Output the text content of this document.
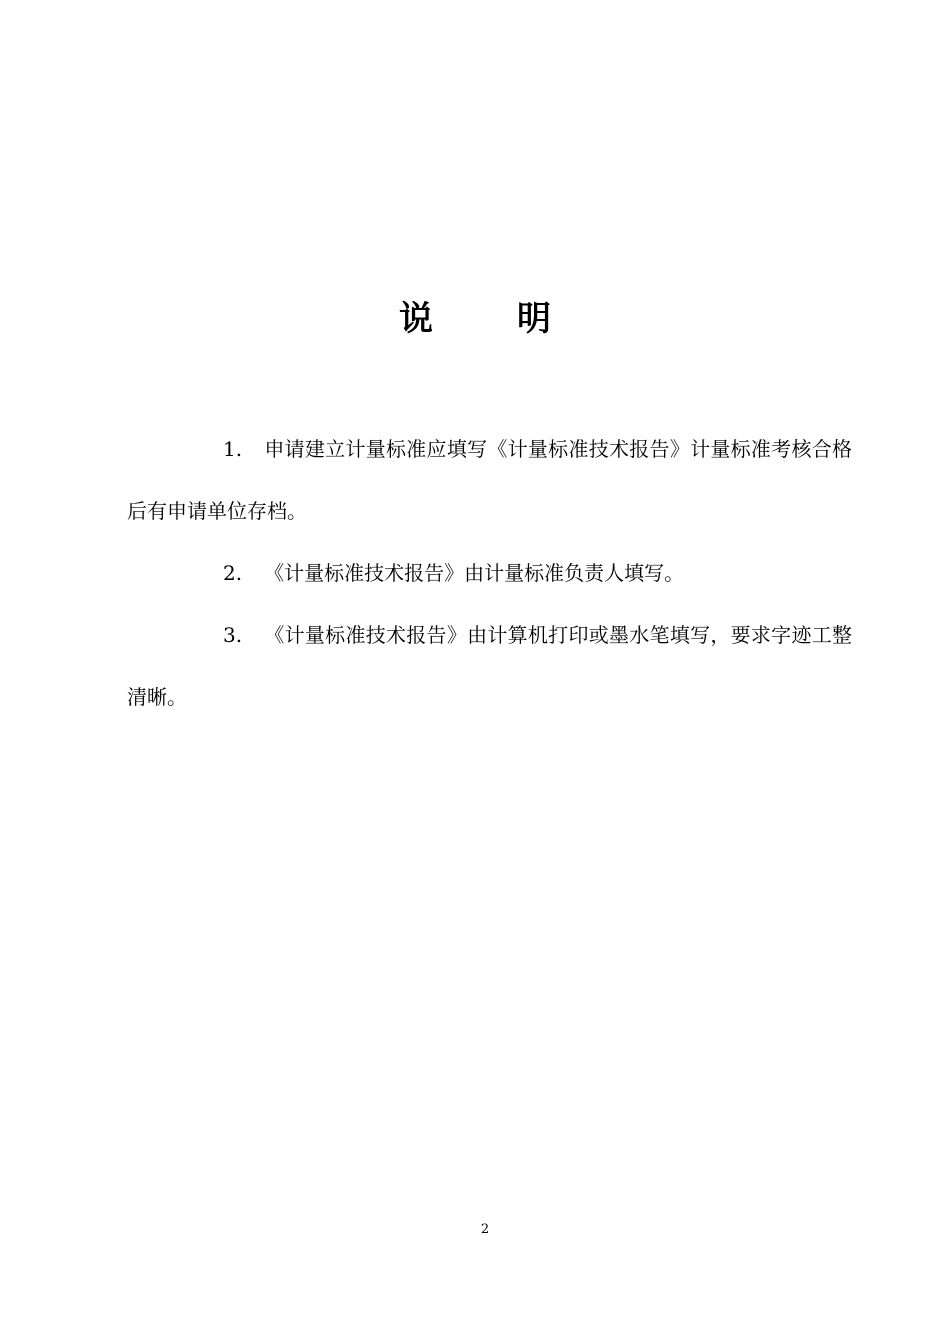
说 明

1. 申请建立计量标准应填写《计量标准技术报告》计量标准考核合格后有申请单位存档。

2. 《计量标准技术报告》由计量标准负责人填写。

3. 《计量标准技术报告》由计算机打印或墨水笔填写，要求字迹工整清晰。

2
